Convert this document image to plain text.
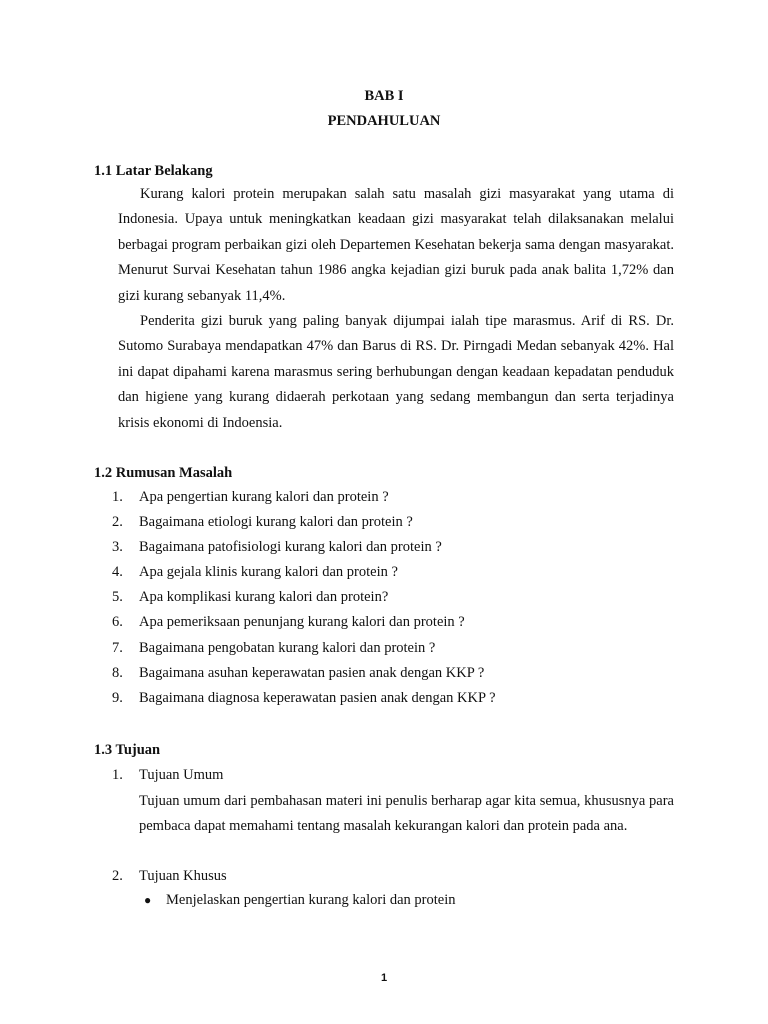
BAB I
PENDAHULUAN
1.1 Latar Belakang

Kurang kalori protein merupakan salah satu masalah gizi masyarakat yang utama di Indonesia. Upaya untuk meningkatkan keadaan gizi masyarakat telah dilaksanakan melalui berbagai program perbaikan gizi oleh Departemen Kesehatan bekerja sama dengan masyarakat. Menurut Survai Kesehatan tahun 1986 angka kejadian gizi buruk pada anak balita 1,72% dan gizi kurang sebanyak 11,4%.

Penderita gizi buruk yang paling banyak dijumpai ialah tipe marasmus. Arif di RS. Dr. Sutomo Surabaya mendapatkan 47% dan Barus di RS. Dr. Pirngadi Medan sebanyak 42%. Hal ini dapat dipahami karena marasmus sering berhubungan dengan keadaan kepadatan penduduk dan higiene yang kurang didaerah perkotaan yang sedang membangun dan serta terjadinya krisis ekonomi di Indoensia.

1.2 Rumusan Masalah
1. Apa pengertian kurang kalori dan protein ?
2. Bagaimana etiologi kurang kalori dan protein ?
3. Bagaimana patofisiologi kurang kalori dan protein ?
4. Apa gejala klinis kurang kalori dan protein ?
5. Apa komplikasi kurang kalori dan protein?
6. Apa pemeriksaan penunjang kurang kalori dan protein ?
7. Bagaimana pengobatan kurang kalori dan protein ?
8. Bagaimana asuhan keperawatan pasien anak dengan KKP ?
9. Bagaimana diagnosa keperawatan pasien anak dengan KKP ?
1.3 Tujuan
1. Tujuan Umum

Tujuan umum dari pembahasan materi ini penulis berharap agar kita semua, khususnya para pembaca dapat memahami tentang masalah kekurangan kalori dan protein pada ana.

2. Tujuan Khusus
● Menjelaskan pengertian kurang kalori dan protein
1
